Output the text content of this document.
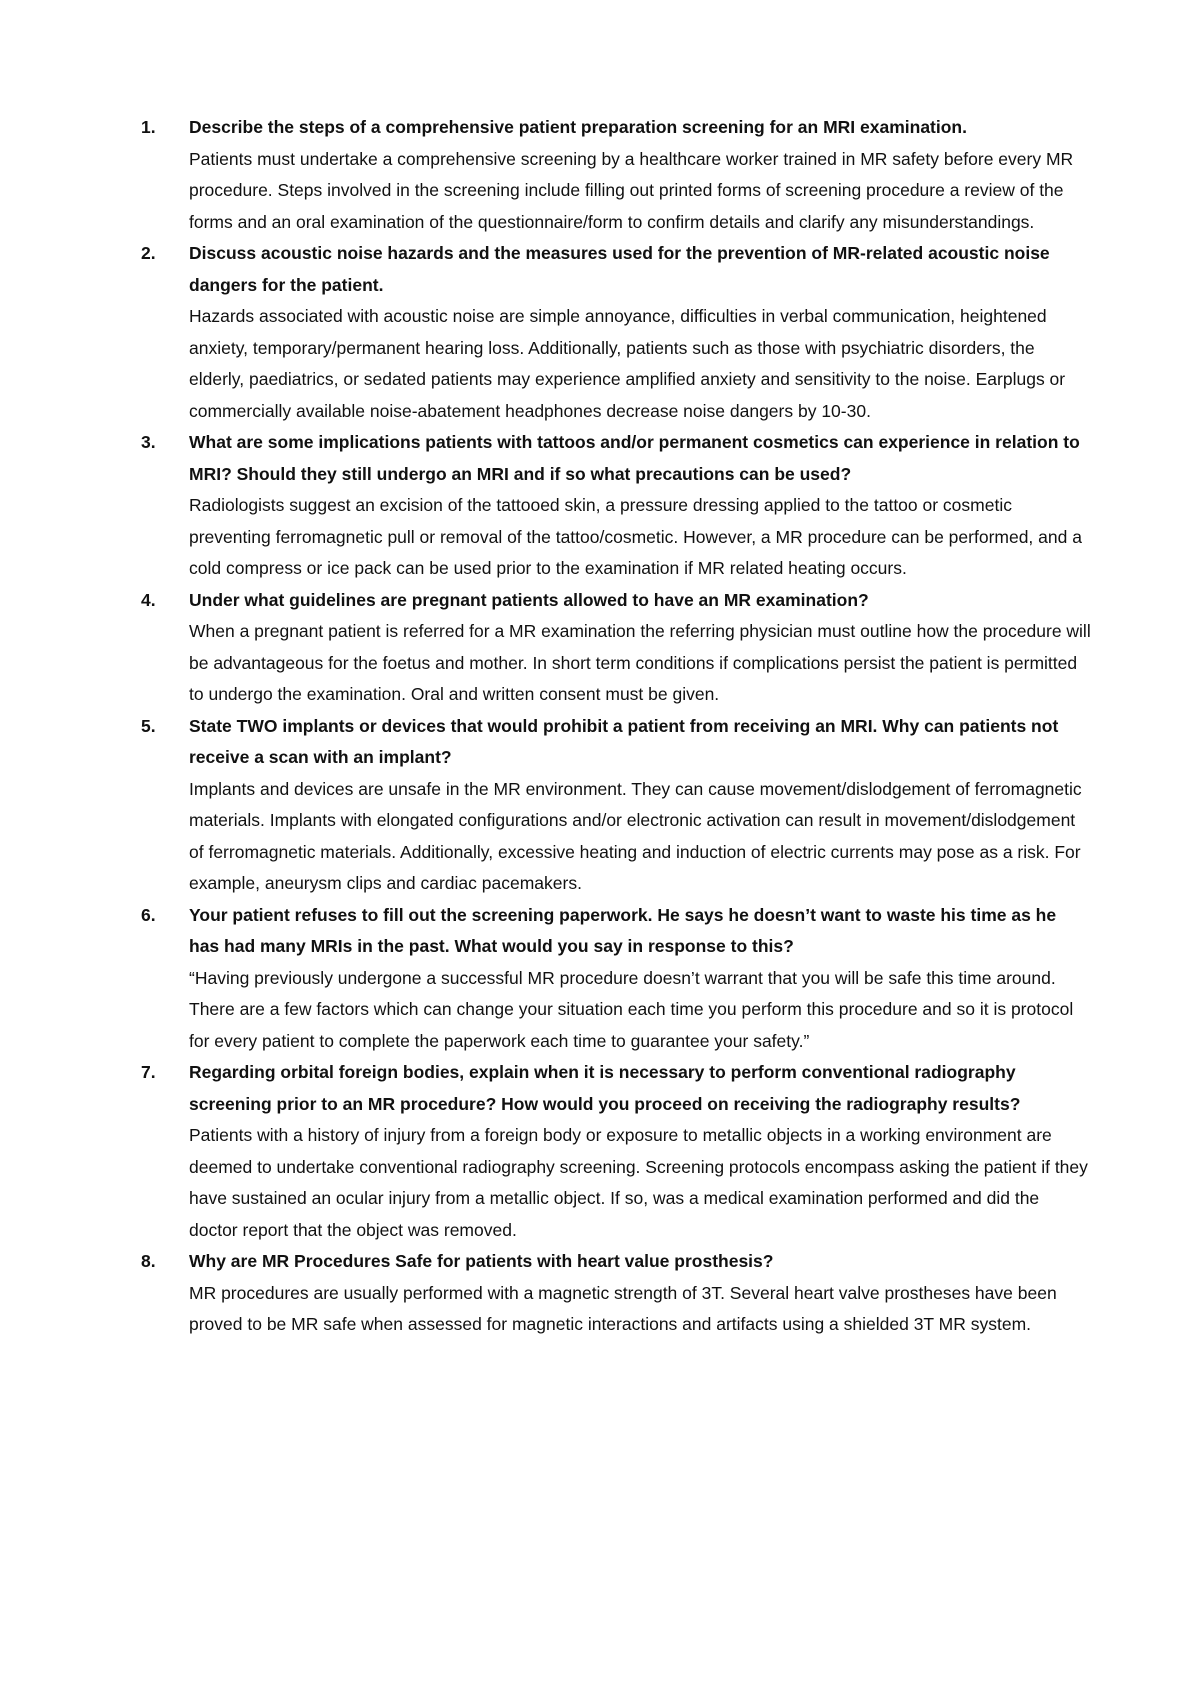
1. Describe the steps of a comprehensive patient preparation screening for an MRI examination.

Patients must undertake a comprehensive screening by a healthcare worker trained in MR safety before every MR procedure. Steps involved in the screening include filling out printed forms of screening procedure a review of the forms and an oral examination of the questionnaire/form to confirm details and clarify any misunderstandings.

2. Discuss acoustic noise hazards and the measures used for the prevention of MR-related acoustic noise dangers for the patient.

Hazards associated with acoustic noise are simple annoyance, difficulties in verbal communication, heightened anxiety, temporary/permanent hearing loss. Additionally, patients such as those with psychiatric disorders, the elderly, paediatrics, or sedated patients may experience amplified anxiety and sensitivity to the noise. Earplugs or commercially available noise-abatement headphones decrease noise dangers by 10-30.

3. What are some implications patients with tattoos and/or permanent cosmetics can experience in relation to MRI? Should they still undergo an MRI and if so what precautions can be used?

Radiologists suggest an excision of the tattooed skin, a pressure dressing applied to the tattoo or cosmetic preventing ferromagnetic pull or removal of the tattoo/cosmetic. However, a MR procedure can be performed, and a cold compress or ice pack can be used prior to the examination if MR related heating occurs.

4. Under what guidelines are pregnant patients allowed to have an MR examination?

When a pregnant patient is referred for a MR examination the referring physician must outline how the procedure will be advantageous for the foetus and mother. In short term conditions if complications persist the patient is permitted to undergo the examination. Oral and written consent must be given.

5. State TWO implants or devices that would prohibit a patient from receiving an MRI. Why can patients not receive a scan with an implant?

Implants and devices are unsafe in the MR environment. They can cause movement/dislodgement of ferromagnetic materials. Implants with elongated configurations and/or electronic activation can result in movement/dislodgement of ferromagnetic materials. Additionally, excessive heating and induction of electric currents may pose as a risk. For example, aneurysm clips and cardiac pacemakers.

6. Your patient refuses to fill out the screening paperwork. He says he doesn’t want to waste his time as he has had many MRIs in the past. What would you say in response to this?

“Having previously undergone a successful MR procedure doesn’t warrant that you will be safe this time around. There are a few factors which can change your situation each time you perform this procedure and so it is protocol for every patient to complete the paperwork each time to guarantee your safety.”

7. Regarding orbital foreign bodies, explain when it is necessary to perform conventional radiography screening prior to an MR procedure? How would you proceed on receiving the radiography results?

Patients with a history of injury from a foreign body or exposure to metallic objects in a working environment are deemed to undertake conventional radiography screening. Screening protocols encompass asking the patient if they have sustained an ocular injury from a metallic object. If so, was a medical examination performed and did the doctor report that the object was removed.

8. Why are MR Procedures Safe for patients with heart value prosthesis?

MR procedures are usually performed with a magnetic strength of 3T. Several heart valve prostheses have been proved to be MR safe when assessed for magnetic interactions and artifacts using a shielded 3T MR system.
